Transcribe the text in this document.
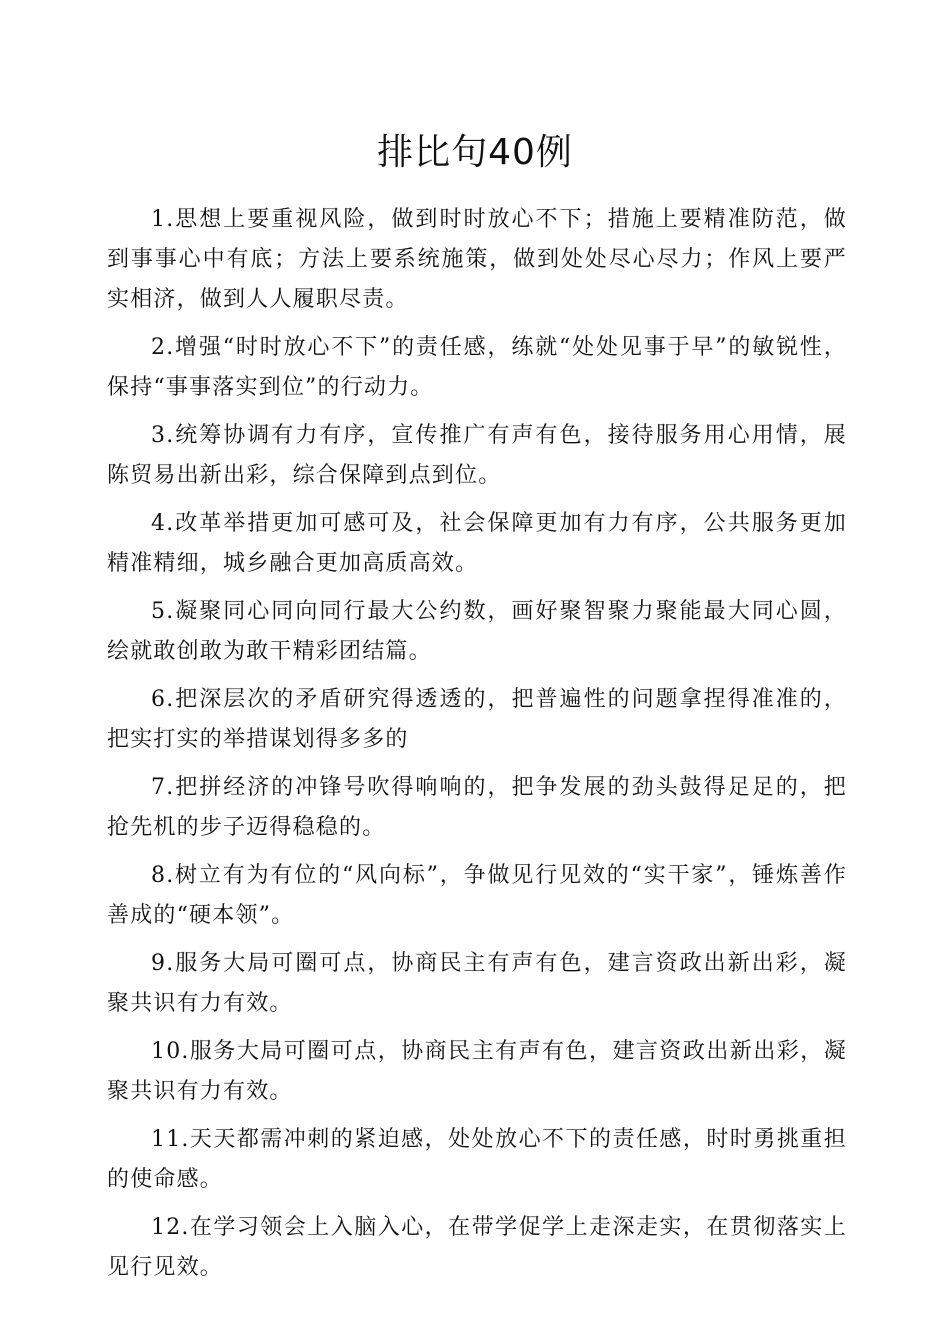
排比句40例

1.思想上要重视风险，做到时时放心不下；措施上要精准防范，做到事事心中有底；方法上要系统施策，做到处处尽心尽力；作风上要严实相济，做到人人履职尽责。

2.增强“时时放心不下”的责任感，练就“处处见事于早”的敏锐性，保持“事事落实到位”的行动力。

3.统筹协调有力有序，宣传推广有声有色，接待服务用心用情，展陈贸易出新出彩，综合保障到点到位。

4.改革举措更加可感可及，社会保障更加有力有序，公共服务更加精准精细，城乡融合更加高质高效。

5.凝聚同心同向同行最大公约数，画好聚智聚力聚能最大同心圆，绘就敢创敢为敢干精彩团结篇。

6.把深层次的矛盾研究得透透的，把普遍性的问题拿捏得准准的，把实打实的举措谋划得多多的

7.把拼经济的冲锋号吹得响响的，把争发展的劲头鼓得足足的，把抢先机的步子迈得稳稳的。

8.树立有为有位的“风向标”，争做见行见效的“实干家”，锤炼善作善成的“硬本领”。

9.服务大局可圈可点，协商民主有声有色，建言资政出新出彩，凝聚共识有力有效。

10.服务大局可圈可点，协商民主有声有色，建言资政出新出彩，凝聚共识有力有效。

11.天天都需冲刺的紧迫感，处处放心不下的责任感，时时勇挑重担的使命感。

12.在学习领会上入脑入心，在带学促学上走深走实，在贯彻落实上见行见效。
